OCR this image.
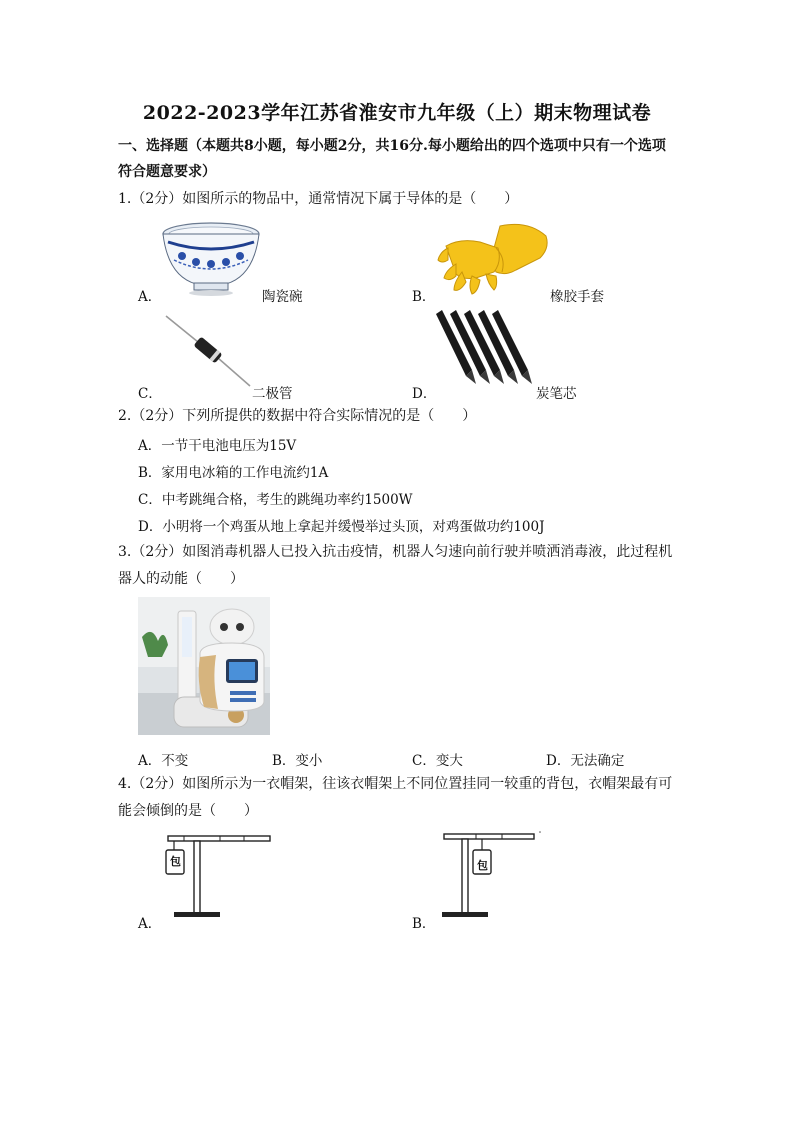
2022-2023学年江苏省淮安市九年级（上）期末物理试卷
一、选择题（本题共8小题，每小题2分，共16分.每小题给出的四个选项中只有一个选项
符合题意要求）
1.（2分）如图所示的物品中，通常情况下属于导体的是（　　）
A．	陶瓷碗	B．	橡胶手套
C．	二极管	D．	炭笔芯
2.（2分）下列所提供的数据中符合实际情况的是（　　）
A．一节干电池电压为15V
B．家用电冰箱的工作电流约1A
C．中考跳绳合格，考生的跳绳功率约1500W
D．小明将一个鸡蛋从地上拿起并缓慢举过头顶，对鸡蛋做功约100J
3.（2分）如图消毒机器人已投入抗击疫情，机器人匀速向前行驶并喷洒消毒液，此过程机
器人的动能（　　）
A．不变	B．变小	C．变大	D．无法确定
4.（2分）如图所示为一衣帽架，往该衣帽架上不同位置挂同一较重的背包，衣帽架最有可
能会倾倒的是（　　）
A．
包
B．
包
